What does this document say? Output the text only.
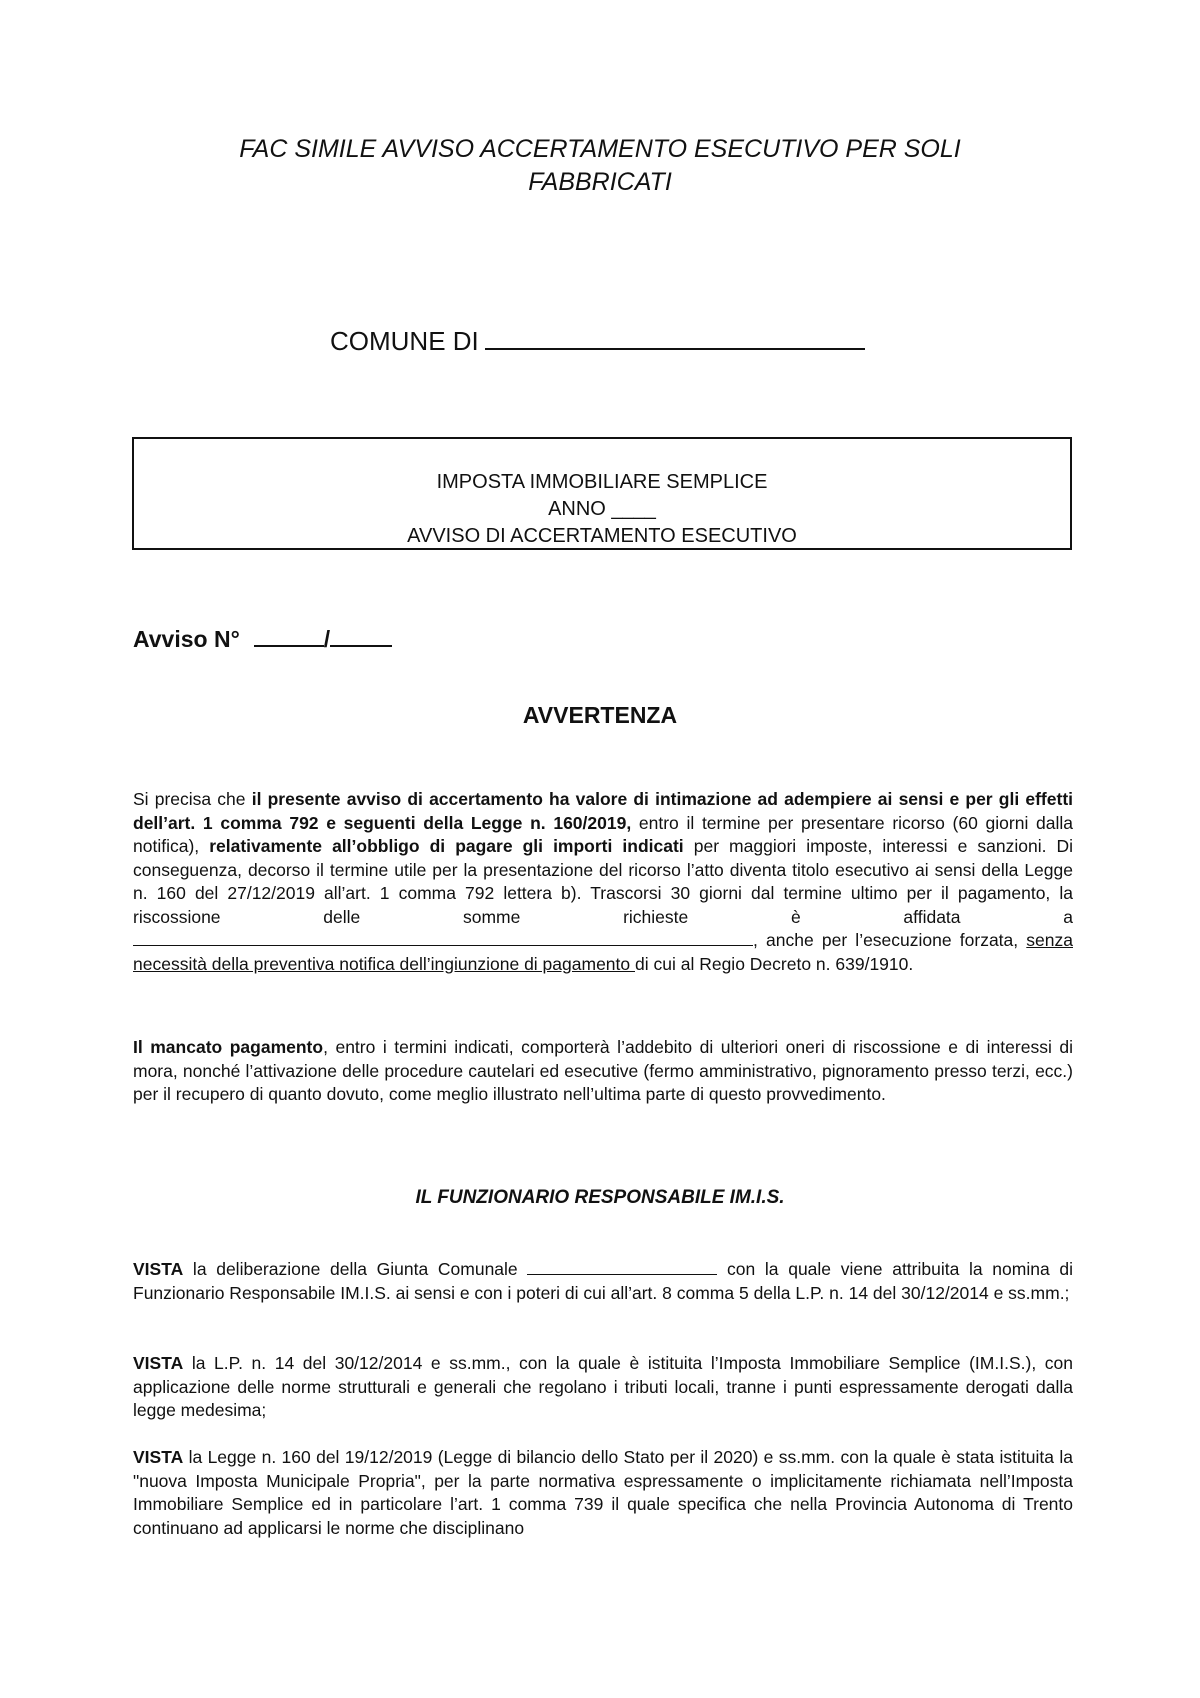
FAC SIMILE AVVISO ACCERTAMENTO ESECUTIVO PER SOLI
FABBRICATI
COMUNE DI
IMPOSTA IMMOBILIARE SEMPLICE
ANNO ____
AVVISO DI ACCERTAMENTO ESECUTIVO
Avviso N°	/
AVVERTENZA
Si precisa che il presente avviso di accertamento ha valore di intimazione ad adempiere ai sensi e per gli effetti dell’art. 1 comma 792 e seguenti della Legge n. 160/2019, entro il termine per presentare ricorso (60 giorni dalla notifica), relativamente all’obbligo di pagare gli importi indicati per maggiori imposte, interessi e sanzioni. Di conseguenza, decorso il termine utile per la presentazione del ricorso l’atto diventa titolo esecutivo ai sensi della Legge n. 160 del 27/12/2019 all’art. 1 comma 792 lettera b). Trascorsi 30 giorni dal termine ultimo per il pagamento, la riscossione delle somme richieste è affidata a, anche per l’esecuzione forzata, senza necessità della preventiva notifica dell’ingiunzione di pagamento di cui al Regio Decreto n. 639/1910.
Il mancato pagamento, entro i termini indicati, comporterà l’addebito di ulteriori oneri di riscossione e di interessi di mora, nonché l’attivazione delle procedure cautelari ed esecutive (fermo amministrativo, pignoramento presso terzi, ecc.) per il recupero di quanto dovuto, come meglio illustrato nell’ultima parte di questo provvedimento.
IL FUNZIONARIO RESPONSABILE IM.I.S.
VISTA la deliberazione della Giunta Comunale	con la quale viene attribuita la nomina di Funzionario Responsabile IM.I.S. ai sensi e con i poteri di cui all’art. 8 comma 5 della L.P. n. 14 del 30/12/2014 e ss.mm.;
VISTA la L.P. n. 14 del 30/12/2014 e ss.mm., con la quale è istituita l’Imposta Immobiliare Semplice (IM.I.S.), con applicazione delle norme strutturali e generali che regolano i tributi locali, tranne i punti espressamente derogati dalla legge medesima;
VISTA la Legge n. 160 del 19/12/2019 (Legge di bilancio dello Stato per il 2020) e ss.mm. con la quale è stata istituita la "nuova Imposta Municipale Propria", per la parte normativa espressamente o implicitamente richiamata nell’Imposta Immobiliare Semplice ed in particolare l’art. 1 comma 739 il quale specifica che nella Provincia Autonoma di Trento continuano ad applicarsi le norme che disciplinano
